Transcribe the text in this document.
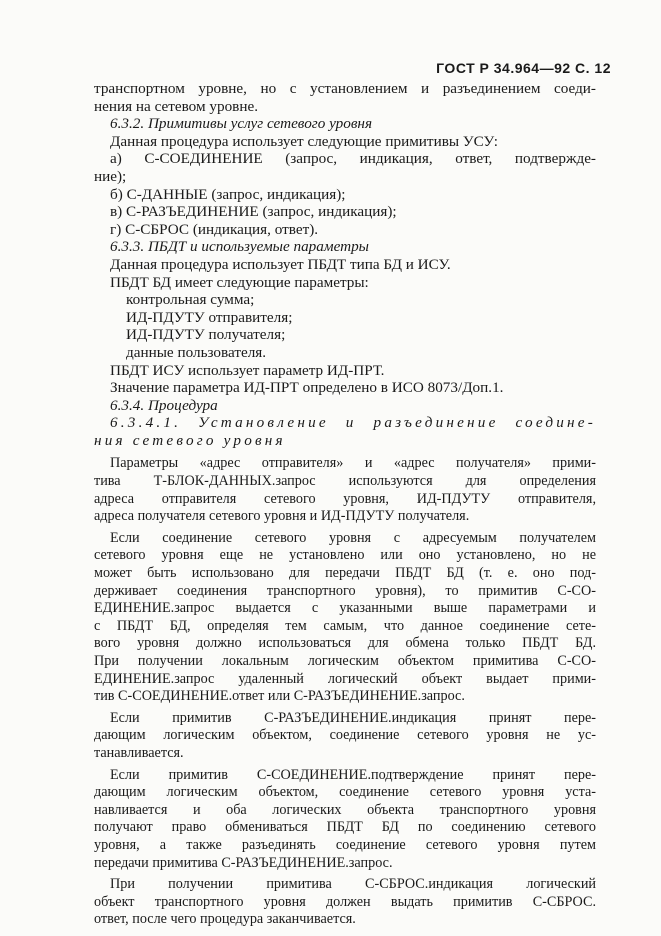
ГОСТ Р 34.964—92 С. 12
транспортном уровне, но с установлением и разъединением соеди-
нения на сетевом уровне.
6.3.2. Примитивы услуг сетевого уровня
Данная процедура использует следующие примитивы УСУ:
а) С-СОЕДИНЕНИЕ (запрос, индикация, ответ, подтвержде-
ние);
б) С-ДАННЫЕ (запрос, индикация);
в) С-РАЗЪЕДИНЕНИЕ (запрос, индикация);
г) С-СБРОС (индикация, ответ).
6.3.3. ПБДТ и используемые параметры
Данная процедура использует ПБДТ типа БД и ИСУ.
ПБДТ БД имеет следующие параметры:
контрольная сумма;
ИД-ПДУТУ отправителя;
ИД-ПДУТУ получателя;
данные пользователя.
ПБДТ ИСУ использует параметр ИД-ПРТ.
Значение параметра ИД-ПРТ определено в ИСО 8073/Доп.1.
6.3.4. Процедура
6.3.4.1. Установление и разъединение соедине-
ния сетевого уровня
Параметры «адрес отправителя» и «адрес получателя» прими-
тива Т-БЛОК-ДАННЫХ.запрос используются для определения
адреса отправителя сетевого уровня, ИД-ПДУТУ отправителя,
адреса получателя сетевого уровня и ИД-ПДУТУ получателя.
Если соединение сетевого уровня с адресуемым получателем
сетевого уровня еще не установлено или оно установлено, но не
может быть использовано для передачи ПБДТ БД (т. е. оно под-
держивает соединения транспортного уровня), то примитив С-СО-
ЕДИНЕНИЕ.запрос выдается с указанными выше параметрами и
с ПБДТ БД, определяя тем самым, что данное соединение сете-
вого уровня должно использоваться для обмена только ПБДТ БД.
При получении локальным логическим объектом примитива С-СО-
ЕДИНЕНИЕ.запрос удаленный логический объект выдает прими-
тив С-СОЕДИНЕНИЕ.ответ или С-РАЗЪЕДИНЕНИЕ.запрос.
Если примитив С-РАЗЪЕДИНЕНИЕ.индикация принят пере-
дающим логическим объектом, соединение сетевого уровня не ус-
танавливается.
Если примитив С-СОЕДИНЕНИЕ.подтверждение принят пере-
дающим логическим объектом, соединение сетевого уровня уста-
навливается и оба логических объекта транспортного уровня
получают право обмениваться ПБДТ БД по соединению сетевого
уровня, а также разъединять соединение сетевого уровня путем
передачи примитива С-РАЗЪЕДИНЕНИЕ.запрос.
При получении примитива С-СБРОС.индикация логический
объект транспортного уровня должен выдать примитив С-СБРОС.
ответ, после чего процедура заканчивается.
